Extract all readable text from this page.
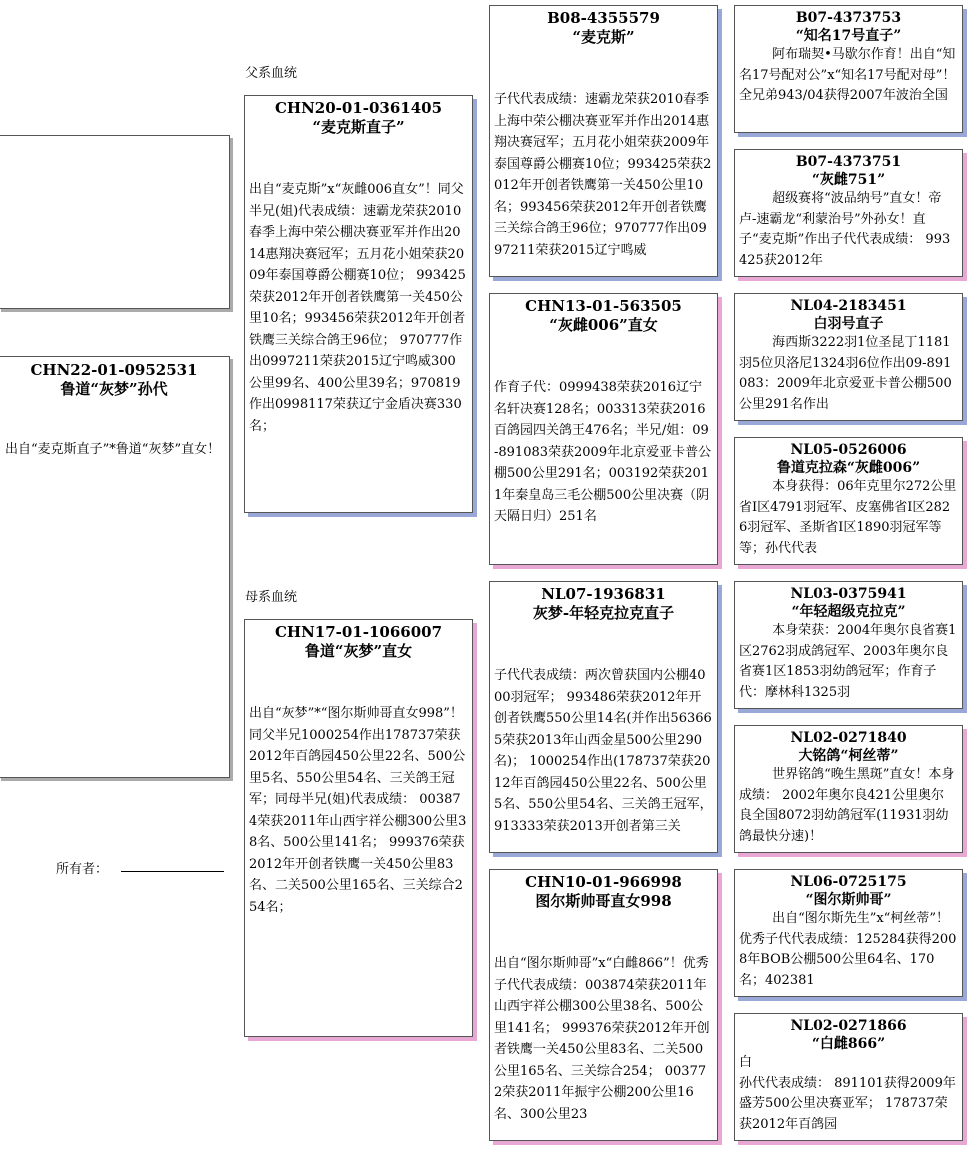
CHN22-01-0952531
鲁道“灰梦”孙代
出自“麦克斯直子”*鲁道“灰梦”直女！
所有者：
父系血统
母系血统
CHN20-01-0361405
“麦克斯直子”
出自“麦克斯”x“灰雌006直女”！同父半兄(姐)代表成绩：速霸龙荣获2010春季上海中荣公棚决赛亚军并作出2014惠翔决赛冠军；五月花小姐荣获2009年泰国尊爵公棚赛10位； 993425荣获2012年开创者铁鹰第一关450公里10名；993456荣获2012年开创者铁鹰三关综合鸽王96位； 970777作出0997211荣获2015辽宁鸣威300公里99名、400公里39名；970819作出0998117荣获辽宁金盾决赛330名；
CHN17-01-1066007
鲁道“灰梦”直女
出自“灰梦”*“图尔斯帅哥直女998”！同父半兄1000254作出178737荣获2012年百鸽园450公里22名、500公里5名、550公里54名、三关鸽王冠军；同母半兄(姐)代表成绩： 003874荣获2011年山西宇祥公棚300公里38名、500公里141名； 999376荣获2012年开创者铁鹰一关450公里83名、二关500公里165名、三关综合254名；
B08-4355579
“麦克斯”
子代代表成绩：速霸龙荣获2010春季上海中荣公棚决赛亚军并作出2014惠翔决赛冠军；五月花小姐荣获2009年泰国尊爵公棚赛10位；993425荣获2012年开创者铁鹰第一关450公里10名；993456荣获2012年开创者铁鹰三关综合鸽王96位；970777作出0997211荣获2015辽宁鸣威
CHN13-01-563505
“灰雌006”直女
作育子代：0999438荣获2016辽宁名轩决赛128名；003313荣获2016百鸽园四关鸽王476名；半兄/姐：09-891083荣获2009年北京爱亚卡普公棚500公里291名；003192荣获2011年秦皇岛三毛公棚500公里决赛（阴天隔日归）251名
NL07-1936831
灰梦-年轻克拉克直子
子代代表成绩：两次曾获国内公棚4000羽冠军； 993486荣获2012年开创者铁鹰550公里14名(并作出563665荣获2013年山西金星500公里290名)； 1000254作出(178737荣获2012年百鸽园450公里22名、500公里5名、550公里54名、三关鸽王冠军，913333荣获2013开创者第三关
CHN10-01-966998
图尔斯帅哥直女998
出自“图尔斯帅哥”x“白雌866”！优秀子代代表成绩：003874荣获2011年山西宇祥公棚300公里38名、500公里141名； 999376荣获2012年开创者铁鹰一关450公里83名、二关500公里165名、三关综合254； 003772荣获2011年振宇公棚200公里16名、300公里23
B07-4373753
“知名17号直子”
阿布瑞契•马歇尔作育！出自“知名17号配对公”x“知名17号配对母”！全兄弟943/04获得2007年波治全国
B07-4373751
“灰雌751”
超级赛将“波品纳号”直女！帝卢-速霸龙“利蒙治号”外孙女！直子“麦克斯”作出子代代表成绩： 993425获2012年
NL04-2183451
白羽号直子
海西斯3222羽1位圣昆丁1181羽5位贝洛尼1324羽6位作出09-891083：2009年北京爱亚卡普公棚500公里291名作出
NL05-0526006
鲁道克拉森“灰雌006”
本身获得：06年克里尔272公里省I区4791羽冠军、皮塞佛省I区2826羽冠军、圣斯省I区1890羽冠军等等；孙代代表
NL03-0375941
“年轻超级克拉克”
本身荣获：2004年奥尔良省赛1区2762羽成鸽冠军、2003年奥尔良省赛1区1853羽幼鸽冠军；作育子代：摩林科1325羽
NL02-0271840
大铭鸽“柯丝蒂”
世界铭鸽“晚生黑斑”直女！本身成绩： 2002年奥尔良421公里奥尔良全国8072羽幼鸽冠军(11931羽幼鸽最快分速)！
NL06-0725175
“图尔斯帅哥”
出自“图尔斯先生”x“柯丝蒂”！优秀子代代表成绩：125284获得2008年BOB公棚500公里64名、170名；402381
NL02-0271866
“白雌866”
白
孙代代表成绩： 891101获得2009年盛芳500公里决赛亚军； 178737荣获2012年百鸽园
